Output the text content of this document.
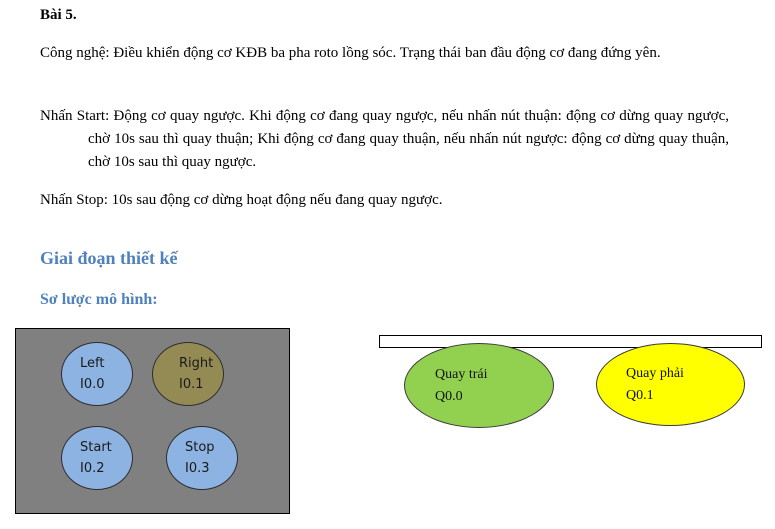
Bài 5.
Công nghệ: Điều khiển động cơ KĐB ba pha roto lồng sóc. Trạng thái ban đầu động cơ đang đứng yên.
Nhấn Start: Động cơ quay ngược. Khi động cơ đang quay ngược, nếu nhấn nút thuận: động cơ dừng quay ngược, chờ 10s sau thì quay thuận; Khi động cơ đang quay thuận, nếu nhấn nút ngược: động cơ dừng quay thuận, chờ 10s sau thì quay ngược.
Nhấn Stop: 10s sau động cơ dừng hoạt động nếu đang quay ngược.
Giai đoạn thiết kế
Sơ lược mô hình:
Left
I0.0
Right
I0.1
Start
I0.2
Stop
I0.3
Quay trái
Q0.0
Quay phải
Q0.1
